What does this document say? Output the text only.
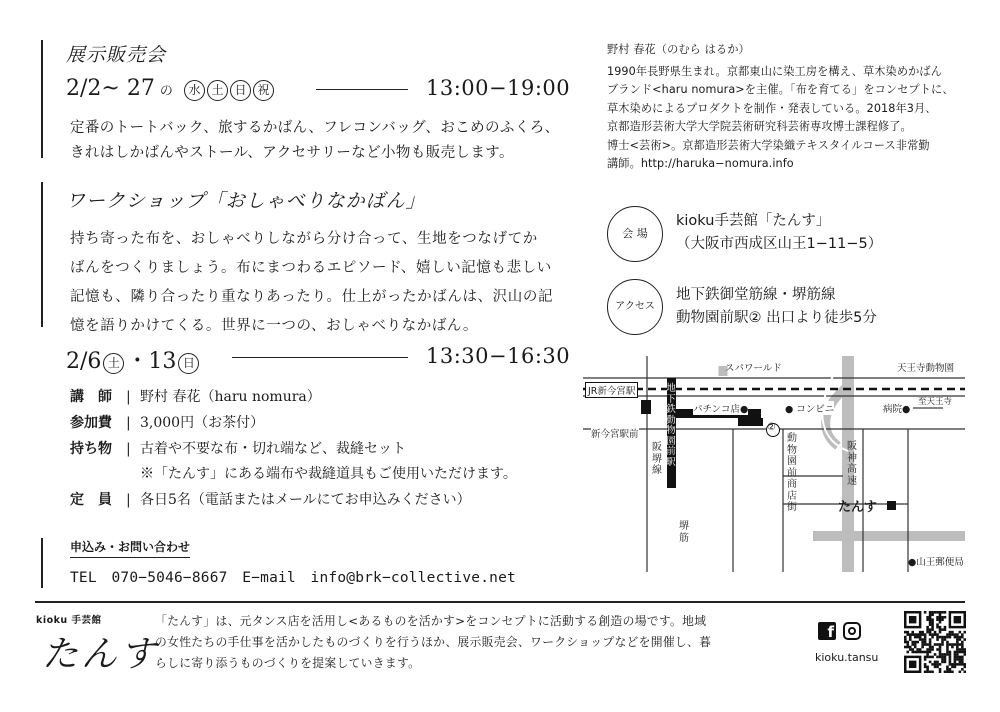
展示販売会
2/2~ 27 の 水 土 日 祝	13:00−19:00
定番のトートバック、旅するかばん、フレコンバッグ、おこめのふくろ、
きれはしかばんやストール、アクセサリーなど小物も販売します。
ワークショップ「おしゃべりなかばん」
持ち寄った布を、おしゃべりしながら分け合って、生地をつなげてか
ばんをつくりましょう。布にまつわるエピソード、嬉しい記憶も悲しい
記憶も、隣り合ったり重なりあったり。仕上がったかばんは、沢山の記
憶を語りかけてくる。世界に一つの、おしゃべりなかばん。
2/6 土 ・13 日	13:30−16:30
講　師 | 野村 春花（haru nomura）
参加費 | 3,000円（お茶付）
持ち物 | 古着や不要な布・切れ端など、裁縫セット
※「たんす」にある端布や裁縫道具もご使用いただけます。
定　員 | 各日5名（電話またはメールにてお申込みください）
申込み・お問い合わせ
TEL　070−5046−8667　E−mail　info@brk−collective.net
野村 春花（のむら はるか）
1990年長野県生まれ。京都東山に染工房を構え、草木染めかばん
ブランド<haru nomura>を主催。「布を育てる」をコンセプトに、
草木染めによるプロダクトを制作・発表している。2018年3月、
京都造形芸術大学大学院芸術研究科芸術専攻博士課程修了。
博士<芸術>。京都造形芸術大学染織テキスタイルコース非常勤
講師。http://haruka−nomura.info
会 場
kioku手芸館「たんす」
（大阪市西成区山王1−11−5）
アクセス
地下鉄御堂筋線・堺筋線
動物園前駅② 出口より徒歩5分
スパワールド	天王寺動物園
JR新今宮駅
パチンコ店●	● コンビニ	病院●
至天王寺
新今宮駅前
②
地下鉄動物園前駅
阪堺線
動物園前商店街
阪神高速
たんす
堺筋
●山王郵便局
kioku 手芸館
たんす
「たんす」は、元タンス店を活用し<あるものを活かす>をコンセプトに活動する創造の場です。地域
の女性たちの手仕事を活かしたものづくりを行うほか、展示販売会、ワークショップなどを開催し、暮
らしに寄り添うものづくりを提案していきます。
f
kioku.tansu
